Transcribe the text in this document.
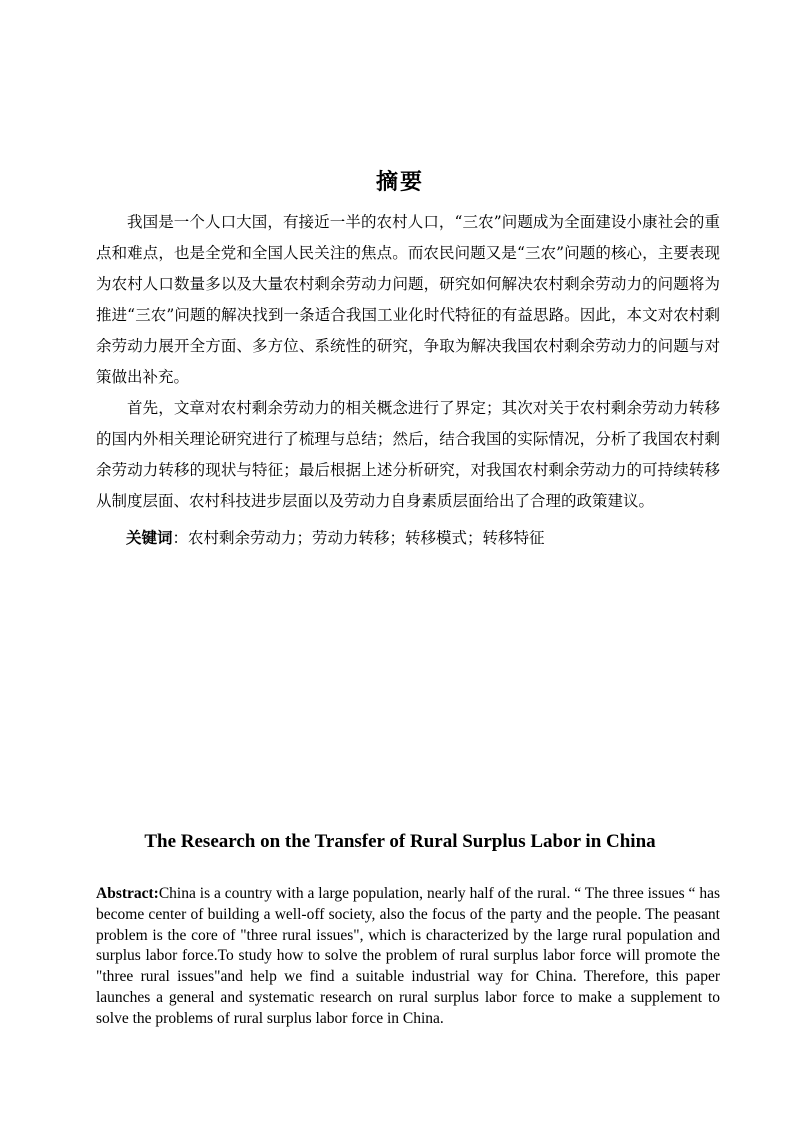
摘要

我国是一个人口大国，有接近一半的农村人口，“三农”问题成为全面建设小康社会的重点和难点，也是全党和全国人民关注的焦点。而农民问题又是“三农”问题的核心，主要表现为农村人口数量多以及大量农村剩余劳动力问题，研究如何解决农村剩余劳动力的问题将为推进“三农”问题的解决找到一条适合我国工业化时代特征的有益思路。因此，本文对农村剩余劳动力展开全方面、多方位、系统性的研究，争取为解决我国农村剩余劳动力的问题与对策做出补充。

首先，文章对农村剩余劳动力的相关概念进行了界定；其次对关于农村剩余劳动力转移的国内外相关理论研究进行了梳理与总结；然后，结合我国的实际情况，分析了我国农村剩余劳动力转移的现状与特征；最后根据上述分析研究，对我国农村剩余劳动力的可持续转移从制度层面、农村科技进步层面以及劳动力自身素质层面给出了合理的政策建议。

关键词：农村剩余劳动力；劳动力转移；转移模式；转移特征
The Research on the Transfer of Rural Surplus Labor in China
Abstract:China is a country with a large population, nearly half of the rural. “ The three issues “ has become center of building a well-off society, also the focus of the party and the people. The peasant problem is the core of "three rural issues", which is characterized by the large rural population and surplus labor force.To study how to solve the problem of rural surplus labor force will promote the "three rural issues"and help we find a suitable industrial way for China. Therefore, this paper launches a general and systematic research on rural surplus labor force to make a supplement to solve the problems of rural surplus labor force in China.
